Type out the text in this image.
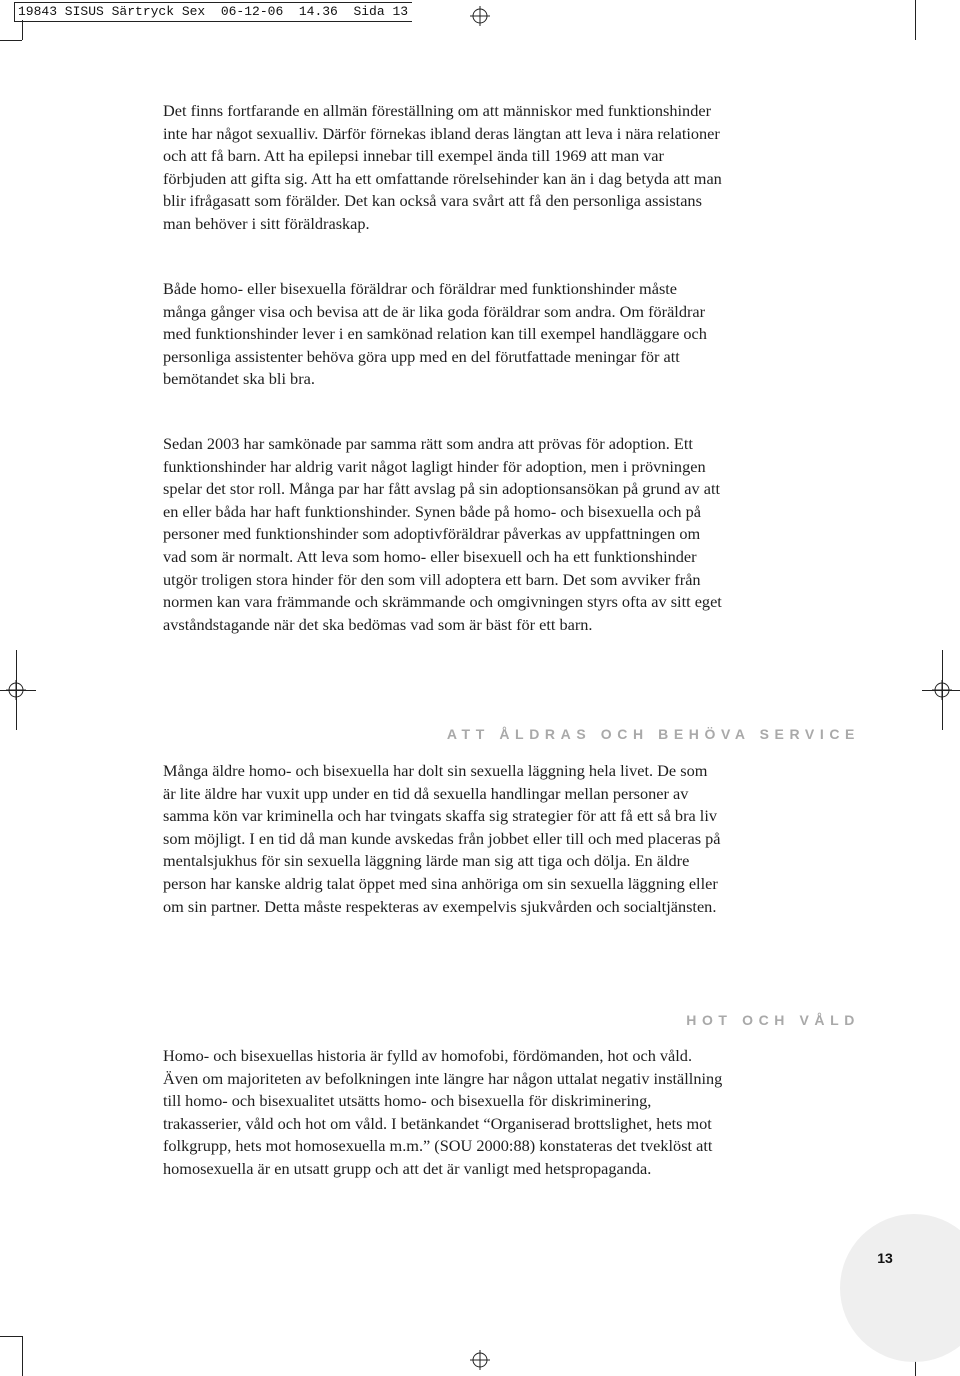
19843 SISUS Särtryck Sex  06-12-06  14.36  Sida 13

Det finns fortfarande en allmän föreställning om att människor med funktionshinder inte har något sexualliv. Därför förnekas ibland deras längtan att leva i nära relationer och att få barn. Att ha epilepsi innebar till exempel ända till 1969 att man var förbjuden att gifta sig. Att ha ett omfattande rörelsehinder kan än i dag betyda att man blir ifrågasatt som förälder. Det kan också vara svårt att få den personliga assistans man behöver i sitt föräldraskap.

Både homo- eller bisexuella föräldrar och föräldrar med funktionshinder måste många gånger visa och bevisa att de är lika goda föräldrar som andra. Om föräldrar med funktionshinder lever i en samkönad relation kan till exempel handläggare och personliga assistenter behöva göra upp med en del förutfattade meningar för att bemötandet ska bli bra.

Sedan 2003 har samkönade par samma rätt som andra att prövas för adoption. Ett funktionshinder har aldrig varit något lagligt hinder för adoption, men i prövningen spelar det stor roll. Många par har fått avslag på sin adoptionsansökan på grund av att en eller båda har haft funktionshinder. Synen både på homo- och bisexuella och på personer med funktionshinder som adoptivföräldrar påverkas av uppfattningen om vad som är normalt. Att leva som homo- eller bisexuell och ha ett funktionshinder utgör troligen stora hinder för den som vill adoptera ett barn. Det som avviker från normen kan vara främmande och skrämmande och omgivningen styrs ofta av sitt eget avståndstagande när det ska bedömas vad som är bäst för ett barn.

ATT ÅLDRAS OCH BEHÖVA SERVICE

Många äldre homo- och bisexuella har dolt sin sexuella läggning hela livet. De som är lite äldre har vuxit upp under en tid då sexuella handlingar mellan personer av samma kön var kriminella och har tvingats skaffa sig strategier för att få ett så bra liv som möjligt. I en tid då man kunde avskedas från jobbet eller till och med placeras på mentalsjukhus för sin sexuella läggning lärde man sig att tiga och dölja. En äldre person har kanske aldrig talat öppet med sina anhöriga om sin sexuella läggning eller om sin partner. Detta måste respekteras av exempelvis sjukvården och socialtjänsten.

HOT OCH VÅLD

Homo- och bisexuellas historia är fylld av homofobi, fördömanden, hot och våld. Även om majoriteten av befolkningen inte längre har någon uttalat negativ inställning till homo- och bisexualitet utsätts homo- och bisexuella för diskriminering, trakasserier, våld och hot om våld. I betänkandet “Organiserad brottslighet, hets mot folkgrupp, hets mot homosexuella m.m.” (SOU 2000:88) konstateras det tveklöst att homosexuella är en utsatt grupp och att det är vanligt med hetspropaganda.

13
